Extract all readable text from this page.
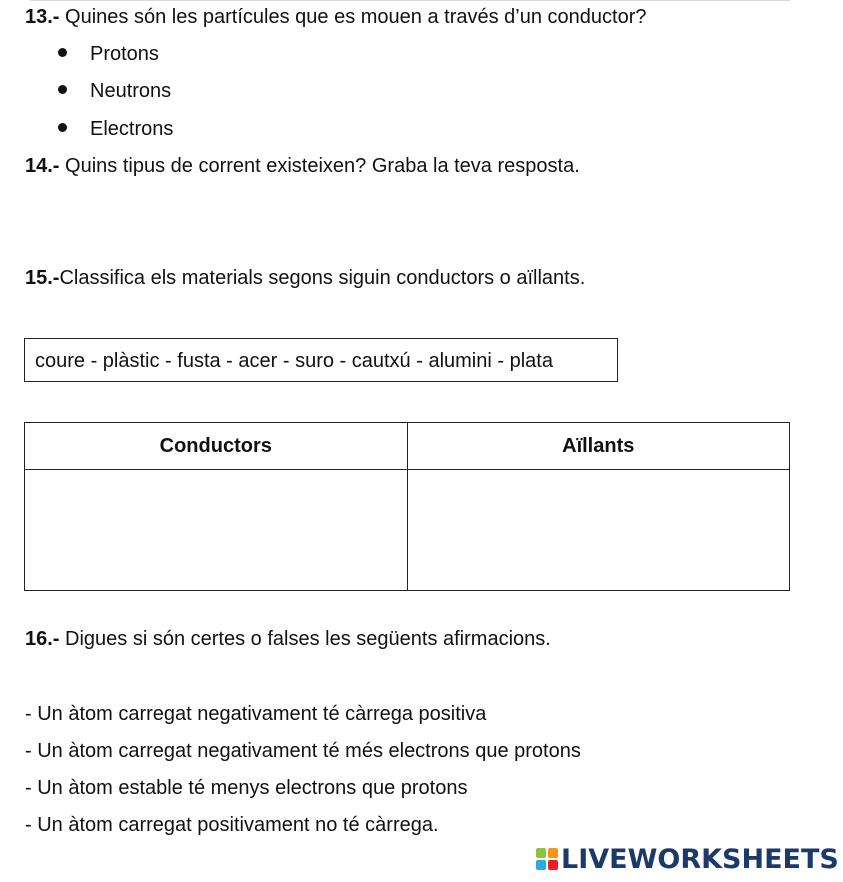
13.- Quines són les partícules que es mouen a través d’un conductor?
Protons
Neutrons
Electrons
14.- Quins tipus de corrent existeixen? Graba la teva resposta.
15.-Classifica els materials segons siguin conductors o aïllants.
coure - plàstic - fusta - acer - suro - cautxú - alumini - plata
Conductors	Aïllants

16.- Digues si són certes o falses les següents afirmacions.
- Un àtom carregat negativament té càrrega positiva
- Un àtom carregat negativament té més electrons que protons
- Un àtom estable té menys electrons que protons
- Un àtom carregat positivament no té càrrega.
LIVEWORKSHEETS
